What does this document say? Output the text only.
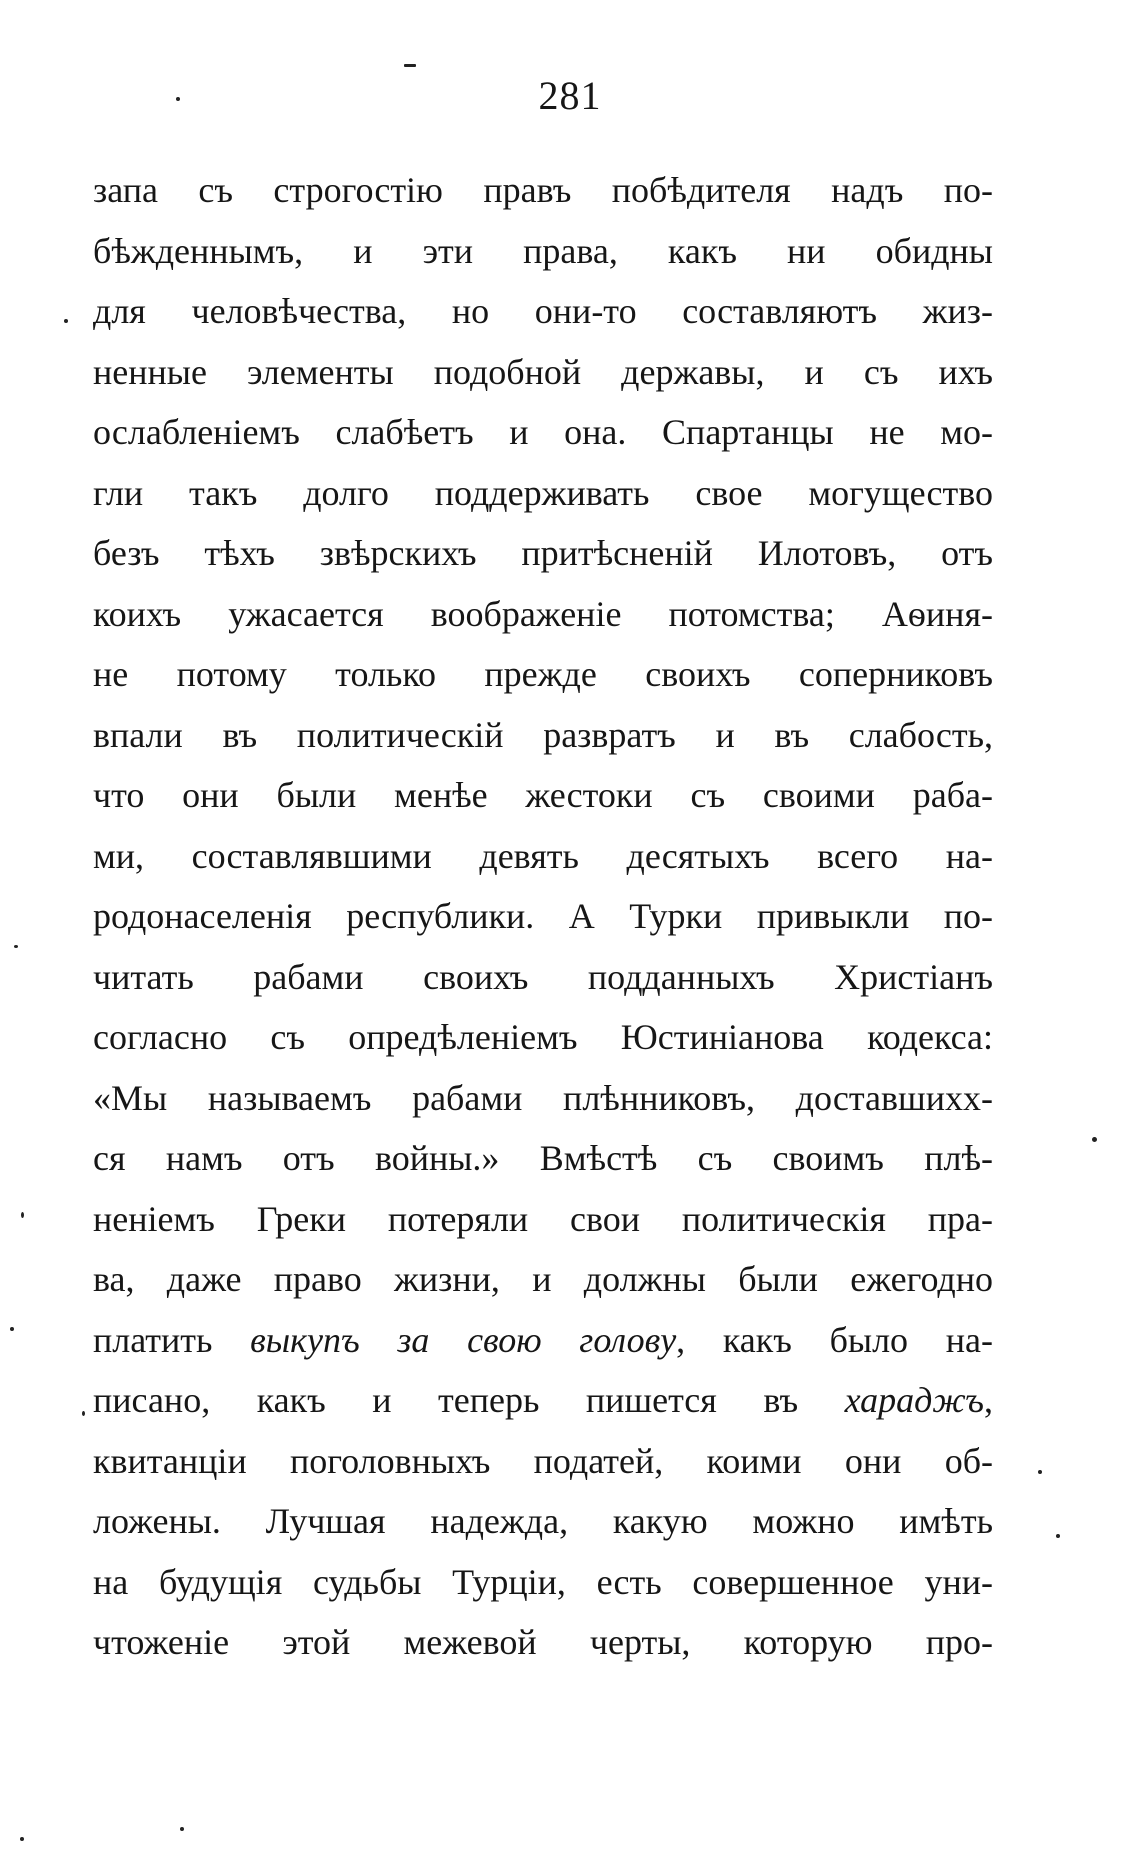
281
запа съ строгостію правъ побѣдителя надъ по-
бѣжденнымъ, и эти права, какъ ни обидны
для человѣчества, но они-то составляютъ жиз-
ненные элементы подобной державы, и съ ихъ
ослабленіемъ слабѣетъ и она. Спартанцы не мо-
гли такъ долго поддерживать свое могущество
безъ тѣхъ звѣрскихъ притѣсненій Илотовъ, отъ
коихъ ужасается воображеніе потомства; Аѳиня-
не потому только прежде своихъ соперниковъ
впали въ политическій развратъ и въ слабость,
что они были менѣе жестоки съ своими раба-
ми, составлявшими девять десятыхъ всего на-
родонаселенія республики. А Турки привыкли по-
читать рабами своихъ подданныхъ Христіанъ
согласно съ опредѣленіемъ Юстиніанова кодекса:
«Мы называемъ рабами плѣнниковъ, доставшихх-
ся намъ отъ войны.» Вмѣстѣ съ своимъ плѣ-
неніемъ Греки потеряли свои политическія пра-
ва, даже право жизни, и должны были ежегодно
платить выкупъ за свою голову, какъ было на-
писано, какъ и теперь пишется въ хараджъ,
квитанціи поголовныхъ податей, коими они об-
ложены. Лучшая надежда, какую можно имѣть
на будущія судьбы Турціи, есть совершенное уни-
чтоженіе этой межевой черты, которую про-
